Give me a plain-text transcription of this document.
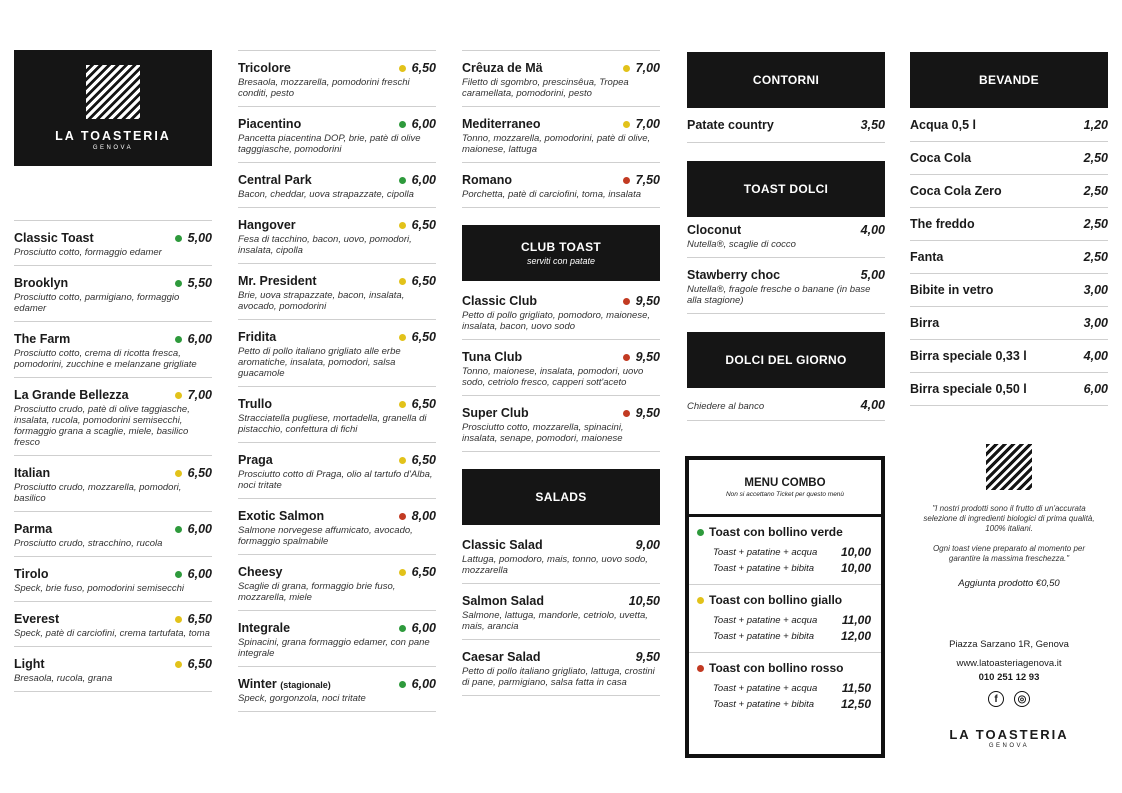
LA TOASTERIA
GENOVA
Classic Toast	5,00
Prosciutto cotto, formaggio edamer
Brooklyn	5,50
Prosciutto cotto, parmigiano, formaggio edamer
The Farm	6,00
Prosciutto cotto, crema di ricotta fresca, pomodorini, zucchine e melanzane grigliate
La Grande Bellezza	7,00
Prosciutto crudo, patè di olive taggiasche, insalata, rucola, pomodorini semisecchi, formaggio grana a scaglie, miele, basilico fresco
Italian	6,50
Prosciutto crudo, mozzarella, pomodori, basilico
Parma	6,00
Prosciutto crudo, stracchino, rucola
Tirolo	6,00
Speck, brie fuso, pomodorini semisecchi
Everest	6,50
Speck, patè di carciofini, crema tartufata, toma
Light	6,50
Bresaola, rucola, grana
Tricolore	6,50
Bresaola, mozzarella, pomodorini freschi conditi, pesto
Piacentino	6,00
Pancetta piacentina DOP, brie, patè di olive tagggiasche, pomodorini
Central Park	6,00
Bacon, cheddar, uova strapazzate, cipolla
Hangover	6,50
Fesa di tacchino, bacon, uovo, pomodori, insalata, cipolla
Mr. President	6,50
Brie, uova strapazzate, bacon, insalata, avocado, pomodorini
Fridita	6,50
Petto di pollo italiano grigliato alle erbe aromatiche, insalata, pomodori, salsa guacamole
Trullo	6,50
Stracciatella pugliese, mortadella, granella di pistacchio, confettura di fichi
Praga	6,50
Prosciutto cotto di Praga, olio al tartufo d'Alba, noci tritate
Exotic Salmon	8,00
Salmone norvegese affumicato, avocado, formaggio spalmabile
Cheesy	6,50
Scaglie di grana, formaggio brie fuso, mozzarella, miele
Integrale	6,00
Spinacini, grana formaggio edamer, con pane integrale
Winter (stagionale)	6,00
Speck, gorgonzola, noci tritate
Crêuza de Mä	7,00
Filetto di sgombro, prescinsêua, Tropea caramellata, pomodorini, pesto
Mediterraneo	7,00
Tonno, mozzarella, pomodorini, patè di olive, maionese, lattuga
Romano	7,50
Porchetta, patè di carciofini, toma, insalata
CLUB TOAST
serviti con patate
Classic Club	9,50
Petto di pollo grigliato, pomodoro, maionese, insalata, bacon, uovo sodo
Tuna Club	9,50
Tonno, maionese, insalata, pomodori, uovo sodo, cetriolo fresco, capperi sott'aceto
Super Club	9,50
Prosciutto cotto, mozzarella, spinacini, insalata, senape, pomodori, maionese
SALADS
Classic Salad	9,00
Lattuga, pomodoro, mais, tonno, uovo sodo, mozzarella
Salmon Salad	10,50
Salmone, lattuga, mandorle, cetriolo, uvetta, mais, arancia
Caesar Salad	9,50
Petto di pollo italiano grigliato, lattuga, crostini di pane, parmigiano, salsa fatta in casa
CONTORNI
Patate country	3,50
TOAST DOLCI
Cloconut	4,00
Nutella®, scaglie di cocco
Stawberry choc	5,00
Nutella®, fragole fresche o banane (in base alla stagione)
DOLCI DEL GIORNO
Chiedere al banco	4,00
MENU COMBO
Non si accettano Ticket per questo menù
Toast con bollino verde
Toast + patatine + acqua 10,00
Toast + patatine + bibita 10,00
Toast con bollino giallo
Toast + patatine + acqua 11,00
Toast + patatine + bibita 12,00
Toast con bollino rosso
Toast + patatine + acqua 11,50
Toast + patatine + bibita 12,50
BEVANDE
Acqua 0,5 l	1,20
Coca Cola	2,50
Coca Cola Zero	2,50
The freddo	2,50
Fanta	2,50
Bibite in vetro	3,00
Birra	3,00
Birra speciale 0,33 l	4,00
Birra speciale 0,50 l	6,00
"I nostri prodotti sono il frutto di un'accurata selezione di ingredienti biologici di prima qualità, 100% italiani.
Ogni toast viene preparato al momento per garantire la massima freschezza."
Aggiunta prodotto €0,50
Piazza Sarzano 1R, Genova
www.latoasteriagenova.it
010 251 12 93
f	◎
LA TOASTERIA
GENOVA
